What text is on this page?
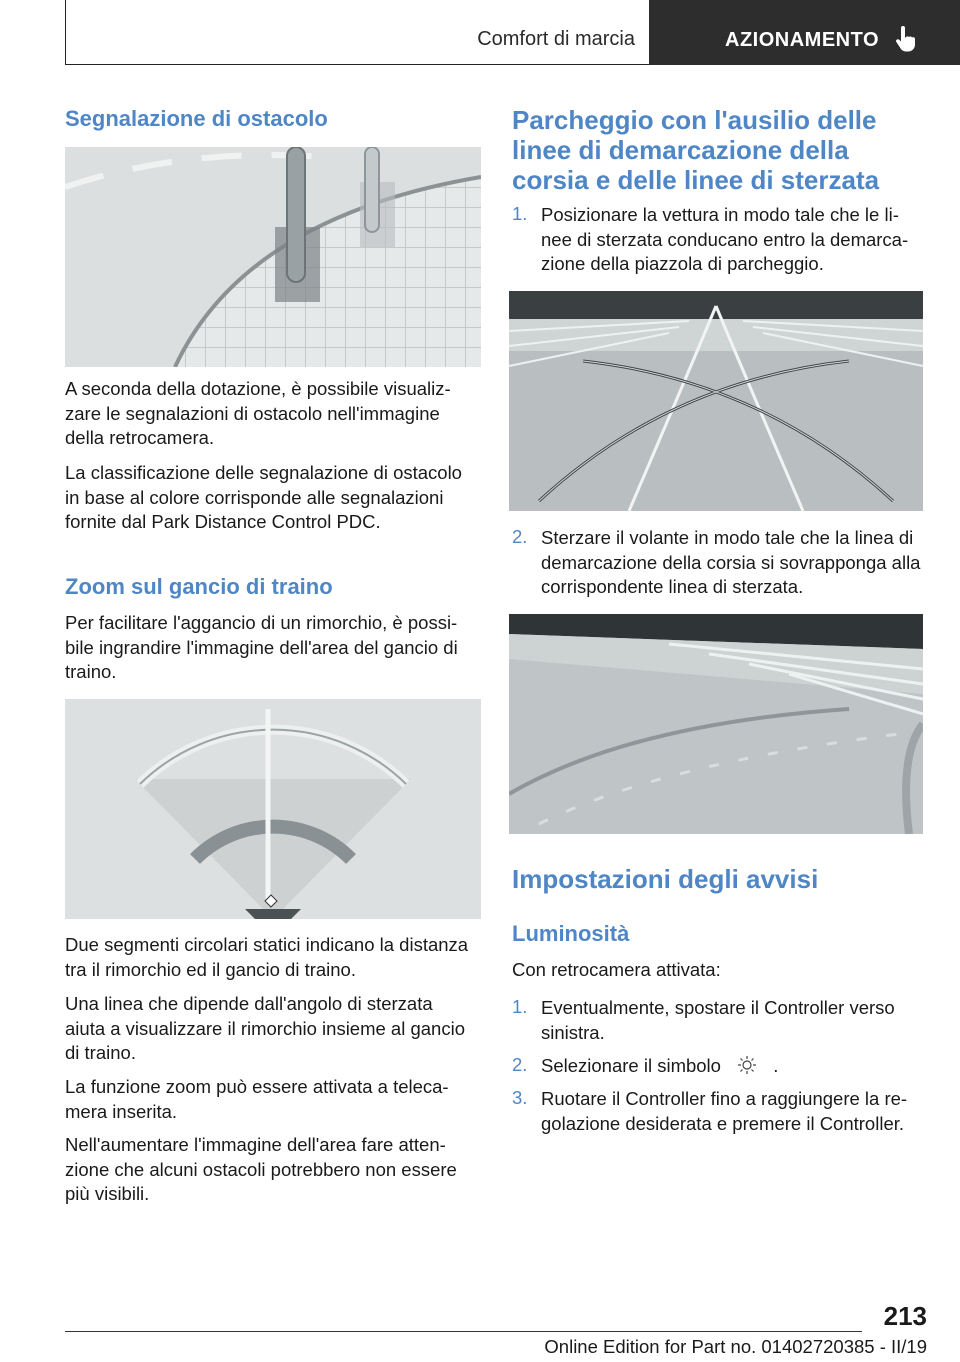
Comfort di marcia	AZIONAMENTO
Segnalazione di ostacolo
A seconda della dotazione, è possibile visualiz-
zare le segnalazioni di ostacolo nell'immagine
della retrocamera.
La classificazione delle segnalazione di ostacolo
in base al colore corrisponde alle segnalazioni
fornite dal Park Distance Control PDC.
Zoom sul gancio di traino
Per facilitare l'aggancio di un rimorchio, è possi-
bile ingrandire l'immagine dell'area del gancio di
traino.
Due segmenti circolari statici indicano la distanza
tra il rimorchio ed il gancio di traino.
Una linea che dipende dall'angolo di sterzata
aiuta a visualizzare il rimorchio insieme al gancio
di traino.
La funzione zoom può essere attivata a teleca-
mera inserita.
Nell'aumentare l'immagine dell'area fare atten-
zione che alcuni ostacoli potrebbero non essere
più visibili.
Parcheggio con l'ausilio delle
linee di demarcazione della
corsia e delle linee di sterzata
1. Posizionare la vettura in modo tale che le li-
nee di sterzata conducano entro la demarca-
zione della piazzola di parcheggio.
2. Sterzare il volante in modo tale che la linea di
demarcazione della corsia si sovrapponga alla
corrispondente linea di sterzata.
Impostazioni degli avvisi
Luminosità
Con retrocamera attivata:
1. Eventualmente, spostare il Controller verso
sinistra.
2. Selezionare il simbolo	.
3. Ruotare il Controller fino a raggiungere la re-
golazione desiderata e premere il Controller.
213
Online Edition for Part no. 01402720385 - II/19
